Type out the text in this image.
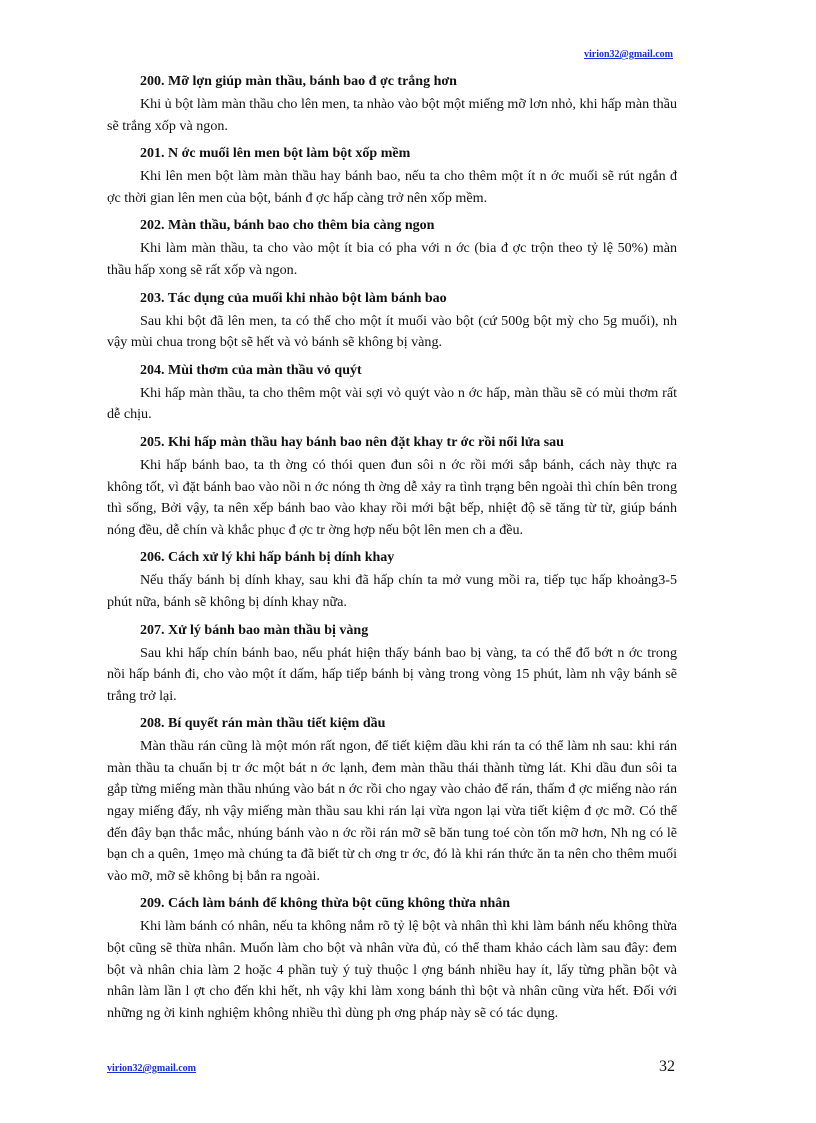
virion32@gmail.com
200. Mỡ lợn giúp màn thầu, bánh bao đ ợc trắng hơn

Khi ủ bột làm màn thầu cho lên men, ta nhào vào bột một miếng mỡ lơn nhỏ, khi hấp màn thầu sẽ trắng xốp và ngon.

201. N ớc muối lên men bột làm bột xốp mềm

Khi lên men bột làm màn thầu hay bánh bao, nếu ta cho thêm một ít n ớc muối sẽ rút ngắn đ ợc thời gian lên men của bột, bánh đ ợc hấp càng trở nên xốp mềm.

202. Màn thầu, bánh bao cho thêm bia càng ngon

Khi làm màn thầu, ta cho vào một ít bia có pha với n ớc (bia đ ợc trộn theo tỷ lệ 50%) màn thầu hấp xong sẽ rất xốp và ngon.

203. Tác dụng của muối khi nhào bột làm bánh bao

Sau khi bột đã lên men, ta có thể cho một ít muối vào bột (cứ 500g bột mỳ cho 5g muối), nh vậy mùi chua trong bột sẽ hết và vỏ bánh sẽ không bị vàng.

204. Mùi thơm của màn thầu vỏ quýt

Khi hấp màn thầu, ta cho thêm một vài sợi vỏ quýt vào n ớc hấp, màn thầu sẽ có mùi thơm rất dễ chịu.

205. Khi hấp màn thầu hay bánh bao nên đặt khay tr ớc rồi nổi lửa sau

Khi hấp bánh bao, ta th ờng có thói quen đun sôi n ớc rồi mới sắp bánh, cách này thực ra không tốt, vì đặt bánh bao vào nồi n ớc nóng th ờng dễ xảy ra tình trạng bên ngoài thì chín bên trong thì sống, Bởi vậy, ta nên xếp bánh bao vào khay rồi mới bật bếp, nhiệt độ sẽ tăng từ từ, giúp bánh nóng đều, dễ chín và khắc phục đ ợc tr ờng hợp nếu bột lên men ch a đều.

206. Cách xử lý khi hấp bánh bị dính khay

Nếu thấy bánh bị dính khay, sau khi đã hấp chín ta mở vung mồi ra, tiếp tục hấp khoảng3-5 phút nữa, bánh sẽ không bị dính khay nữa.

207. Xử lý bánh bao màn thầu bị vàng

Sau khi hấp chín bánh bao, nếu phát hiện thấy bánh bao bị vàng, ta có thể đổ bớt n ớc trong nồi hấp bánh đi, cho vào một ít dấm, hấp tiếp bánh bị vàng trong vòng 15 phút, làm nh vậy bánh sẽ trắng trở lại.

208. Bí quyết rán màn thầu tiết kiệm dầu

Màn thầu rán cũng là một món rất ngon, để tiết kiệm dầu khi rán ta có thể làm nh sau: khi rán màn thầu ta chuẩn bị tr ớc một bát n ớc lạnh, đem màn thầu thái thành từng lát. Khi dầu đun sôi ta gắp từng miếng màn thầu nhúng vào bát n ớc rồi cho ngay vào chảo để rán, thấm đ ợc miếng nào rán ngay miếng đấy, nh vậy miếng màn thầu sau khi rán lại vừa ngon lại vừa tiết kiệm đ ợc mỡ. Có thể đến đây bạn thắc mắc, nhúng bánh vào n ớc rồi rán mỡ sẽ băn tung toé còn tốn mỡ hơn, Nh ng có lẽ bạn ch a quên, 1mẹo mà chúng ta đã biết từ ch ơng tr ớc, đó là khi rán thức ăn ta nên cho thêm muối vào mỡ, mỡ sẽ không bị bắn ra ngoài.

209. Cách làm bánh để không thừa bột cũng không thừa nhân

Khi làm bánh có nhân, nếu ta không nắm rõ tỷ lệ bột và nhân thì khi làm bánh nếu không thừa bột cũng sẽ thừa nhân. Muốn làm cho bột và nhân vừa đủ, có thể tham khảo cách làm sau đây: đem bột và nhân chia làm 2 hoặc 4 phần tuỳ ý tuỳ thuộc l ợng bánh nhiều hay ít, lấy từng phần bột và nhân làm lần l ợt cho đến khi hết, nh vậy khi làm xong bánh thì bột và nhân cũng vừa hết. Đối với những ng ời kinh nghiệm không nhiều thì dùng ph ơng pháp này sẽ có tác dụng.

virion32@gmail.com	32
